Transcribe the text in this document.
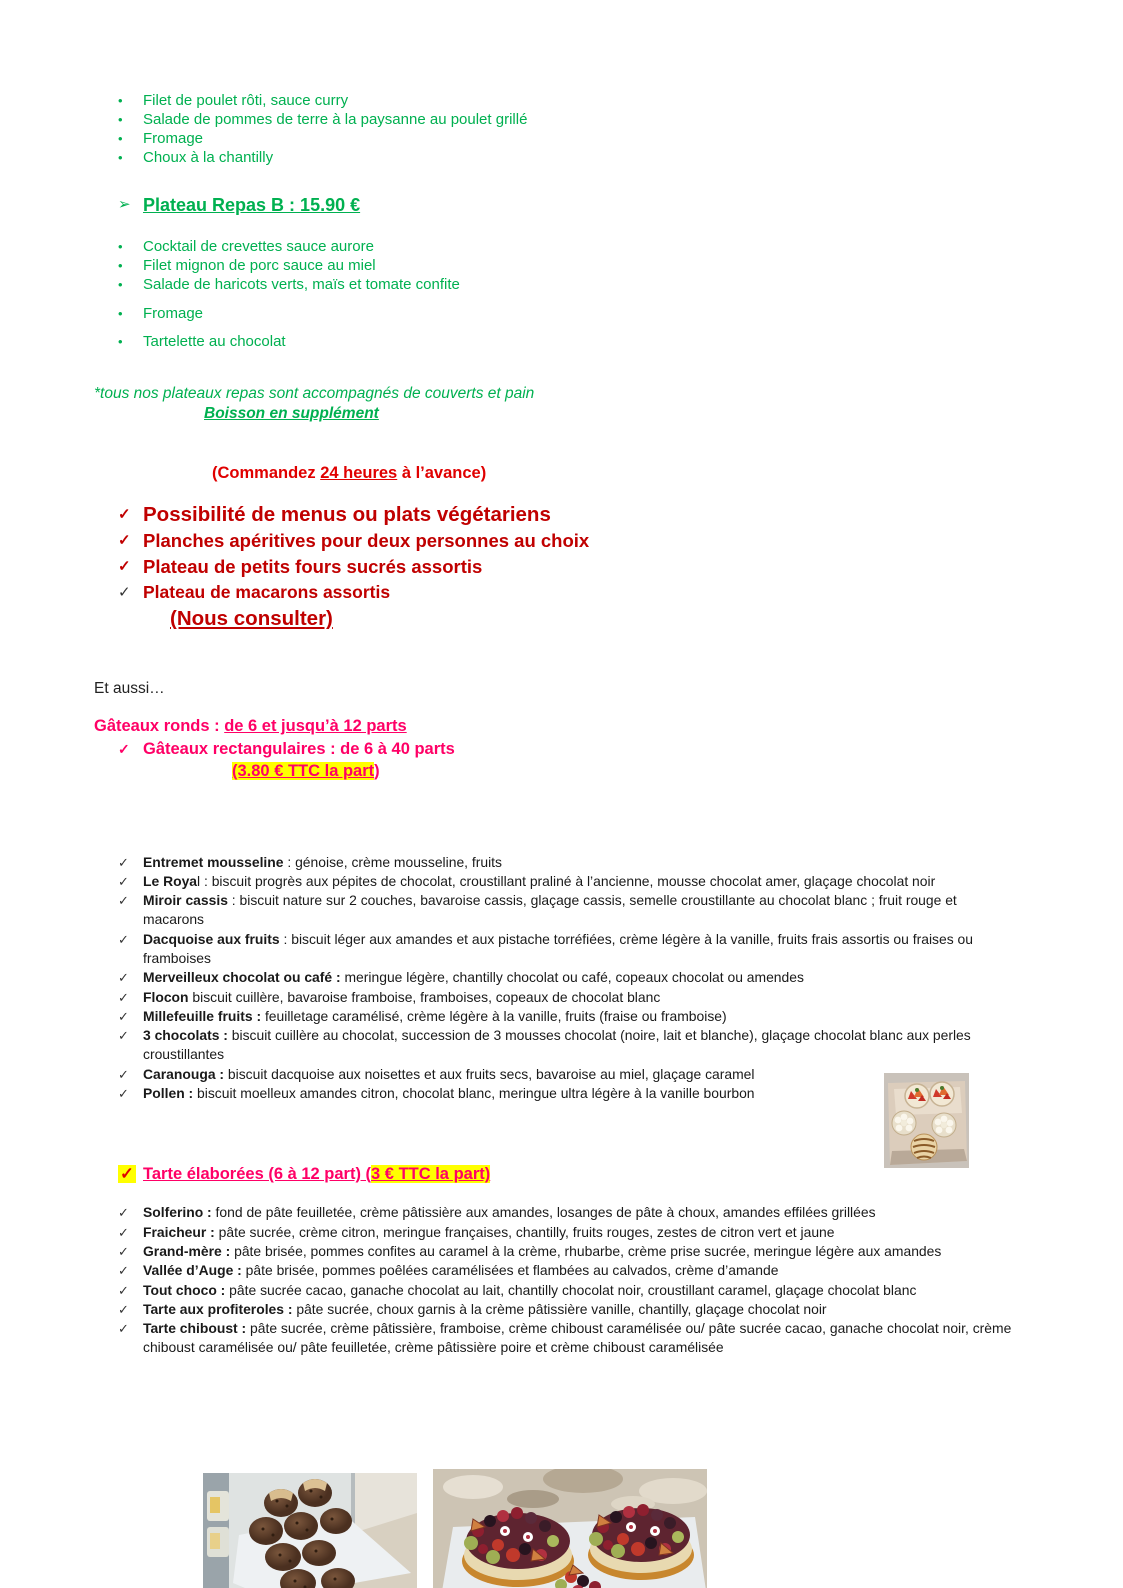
•	Filet de poulet rôti, sauce curry
•	Salade de pommes de terre à la paysanne au poulet grillé
•	Fromage
•	Choux à la chantilly
➢ Plateau Repas B : 15.90 €
•	Cocktail de crevettes sauce aurore
•	Filet mignon de porc sauce au miel
•	Salade de haricots verts, maïs et tomate confite
•	Fromage
•	Tartelette au chocolat
*tous nos plateaux repas sont accompagnés de couverts et pain
Boisson en supplément
(Commandez 24 heures à l’avance)
✓ Possibilité de menus ou plats végétariens
✓ Planches apéritives pour deux personnes au choix
✓ Plateau de petits fours sucrés assortis
✓ Plateau de macarons assortis
(Nous consulter)
Et aussi…
Gâteaux ronds : de 6 et jusqu’à 12 parts
✓ Gâteaux rectangulaires : de 6 à 40 parts
(3.80 € TTC la part)
✓	Entremet mousseline : génoise, crème mousseline, fruits
✓	Le Royal : biscuit progrès aux pépites de chocolat, croustillant praliné à l’ancienne, mousse chocolat amer, glaçage chocolat noir
✓	Miroir cassis : biscuit nature sur 2 couches, bavaroise cassis, glaçage cassis, semelle croustillante au chocolat blanc ; fruit rouge et macarons
✓	Dacquoise aux fruits : biscuit léger aux amandes et aux pistache torréfiées, crème légère à la vanille, fruits frais assortis ou fraises ou framboises
✓	Merveilleux chocolat ou café : meringue légère, chantilly chocolat ou café, copeaux chocolat ou amendes
✓	Flocon biscuit cuillère, bavaroise framboise, framboises, copeaux de chocolat blanc
✓	Millefeuille fruits : feuilletage caramélisé, crème légère à la vanille, fruits (fraise ou framboise)
✓	3 chocolats : biscuit cuillère au chocolat, succession de 3 mousses chocolat (noire, lait et blanche), glaçage chocolat blanc aux perles croustillantes
✓	Caranouga : biscuit dacquoise aux noisettes et aux fruits secs, bavaroise au miel, glaçage caramel
✓	Pollen : biscuit moelleux amandes citron, chocolat blanc, meringue ultra légère à la vanille bourbon
✓ Tarte élaborées (6 à 12 part) (3 € TTC la part)
✓	Solferino : fond de pâte feuilletée, crème pâtissière aux amandes, losanges de pâte à choux, amandes effilées grillées
✓	Fraicheur : pâte sucrée, crème citron, meringue françaises, chantilly, fruits rouges, zestes de citron vert et jaune
✓	Grand-mère : pâte brisée, pommes confites au caramel à la crème, rhubarbe, crème prise sucrée, meringue légère aux amandes
✓	Vallée d’Auge : pâte brisée, pommes poêlées caramélisées et flambées au calvados, crème d’amande
✓	Tout choco : pâte sucrée cacao, ganache chocolat au lait, chantilly chocolat noir, croustillant caramel, glaçage chocolat blanc
✓	Tarte aux profiteroles : pâte sucrée, choux garnis à la crème pâtissière vanille, chantilly, glaçage chocolat noir
✓	Tarte chiboust : pâte sucrée, crème pâtissière, framboise, crème chiboust caramélisée ou/ pâte sucrée cacao, ganache chocolat noir, crème chiboust caramélisée ou/ pâte feuilletée, crème pâtissière poire et crème chiboust caramélisée
